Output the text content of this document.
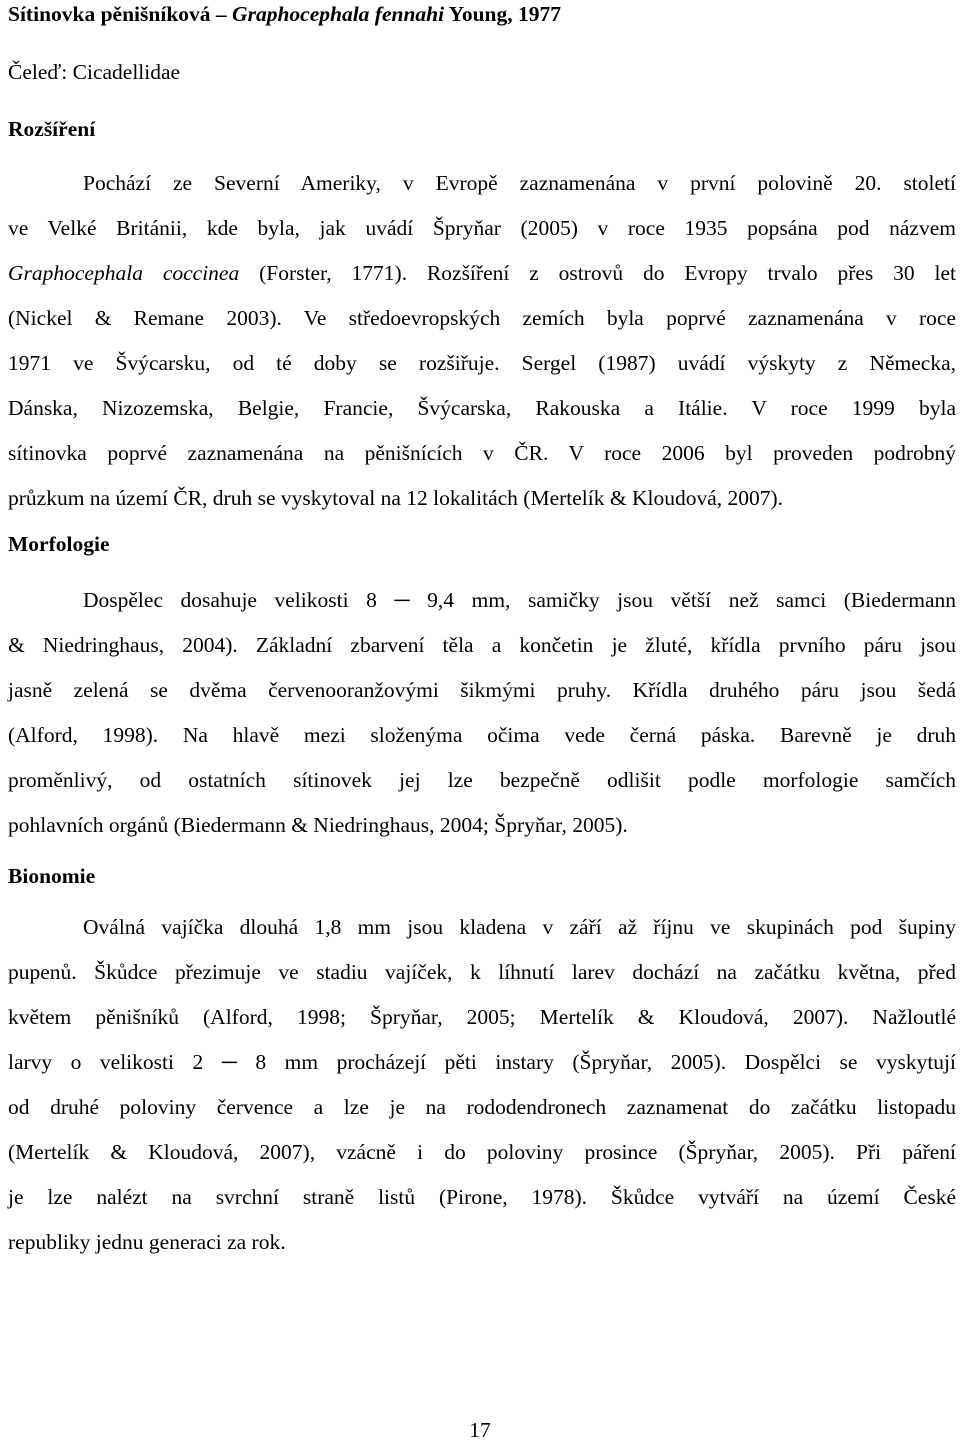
Sítinovka pěnišníková – Graphocephala fennahi Young, 1977
Čeleď: Cicadellidae
Rozšíření
Pochází ze Severní Ameriky, v Evropě zaznamenána v první polovině 20. století
ve Velké Británii, kde byla, jak uvádí Špryňar (2005) v roce 1935 popsána pod názvem
Graphocephala coccinea (Forster, 1771). Rozšíření z ostrovů do Evropy trvalo přes 30 let
(Nickel & Remane 2003). Ve středoevropských zemích byla poprvé zaznamenána v roce
1971 ve Švýcarsku, od té doby se rozšiřuje. Sergel (1987) uvádí výskyty z Německa,
Dánska, Nizozemska, Belgie, Francie, Švýcarska, Rakouska a Itálie. V roce 1999 byla
sítinovka poprvé zaznamenána na pěnišnících v ČR. V roce 2006 byl proveden podrobný
průzkum na území ČR, druh se vyskytoval na 12 lokalitách (Mertelík & Kloudová, 2007).
Morfologie
Dospělec dosahuje velikosti 8 ─ 9,4 mm, samičky jsou větší než samci (Biedermann
& Niedringhaus, 2004). Základní zbarvení těla a končetin je žluté, křídla prvního páru jsou
jasně zelená se dvěma červenooranžovými šikmými pruhy. Křídla druhého páru jsou šedá
(Alford, 1998). Na hlavě mezi složenýma očima vede černá páska. Barevně je druh
proměnlivý, od ostatních sítinovek jej lze bezpečně odlišit podle morfologie samčích
pohlavních orgánů (Biedermann & Niedringhaus, 2004; Špryňar, 2005).
Bionomie
Oválná vajíčka dlouhá 1,8 mm jsou kladena v září až říjnu ve skupinách pod šupiny
pupenů. Škůdce přezimuje ve stadiu vajíček, k líhnutí larev dochází na začátku května, před
květem pěnišníků (Alford, 1998; Špryňar, 2005; Mertelík & Kloudová, 2007). Nažloutlé
larvy o velikosti 2 ─ 8 mm procházejí pěti instary (Špryňar, 2005). Dospělci se vyskytují
od druhé poloviny července a lze je na rododendronech zaznamenat do začátku listopadu
(Mertelík & Kloudová, 2007), vzácně i do poloviny prosince (Špryňar, 2005). Při páření
je lze nalézt na svrchní straně listů (Pirone, 1978). Škůdce vytváří na území České
republiky jednu generaci za rok.
17
